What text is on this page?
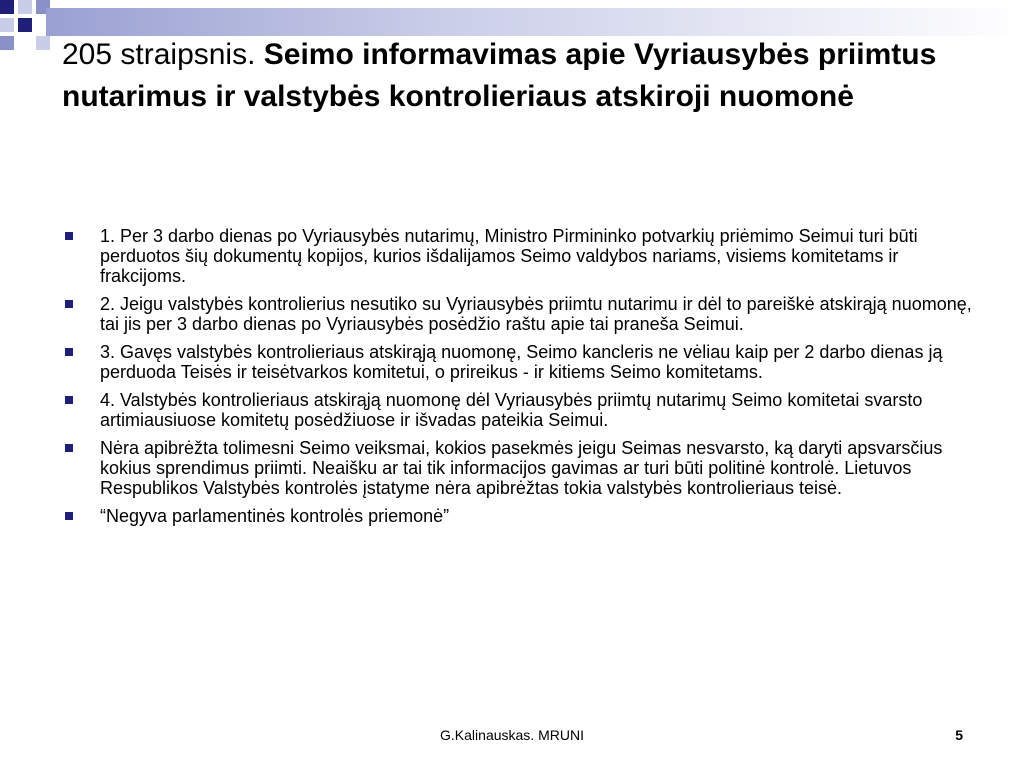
205 straipsnis. Seimo informavimas apie Vyriausybės priimtus nutarimus ir valstybės kontrolieriaus atskiroji nuomonė
1. Per 3 darbo dienas po Vyriausybės nutarimų, Ministro Pirmininko potvarkių priėmimo Seimui turi būti perduotos šių dokumentų kopijos, kurios išdalijamos Seimo valdybos nariams, visiems komitetams ir frakcijoms.
2. Jeigu valstybės kontrolierius nesutiko su Vyriausybės priimtu nutarimu ir dėl to pareiškė atskirąją nuomonę, tai jis per 3 darbo dienas po Vyriausybės posėdžio raštu apie tai praneša Seimui.
3. Gavęs valstybės kontrolieriaus atskirąją nuomonę, Seimo kancleris ne vėliau kaip per 2 darbo dienas ją perduoda Teisės ir teisėtvarkos komitetui, o prireikus - ir kitiems Seimo komitetams.
4. Valstybės kontrolieriaus atskirąją nuomonę dėl Vyriausybės priimtų nutarimų Seimo komitetai svarsto artimiausiuose komitetų posėdžiuose ir išvadas pateikia Seimui.
Nėra apibrėžta tolimesni Seimo veiksmai, kokios pasekmės jeigu Seimas nesvarsto, ką daryti apsvarsčius kokius sprendimus priimti. Neaišku ar tai tik informacijos gavimas ar turi būti politinė kontrolė. Lietuvos Respublikos Valstybės kontrolės įstatyme nėra apibrėžtas tokia valstybės kontrolieriaus teisė.
“Negyva parlamentinės kontrolės priemonė”
G.Kalinauskas. MRUNI	5
